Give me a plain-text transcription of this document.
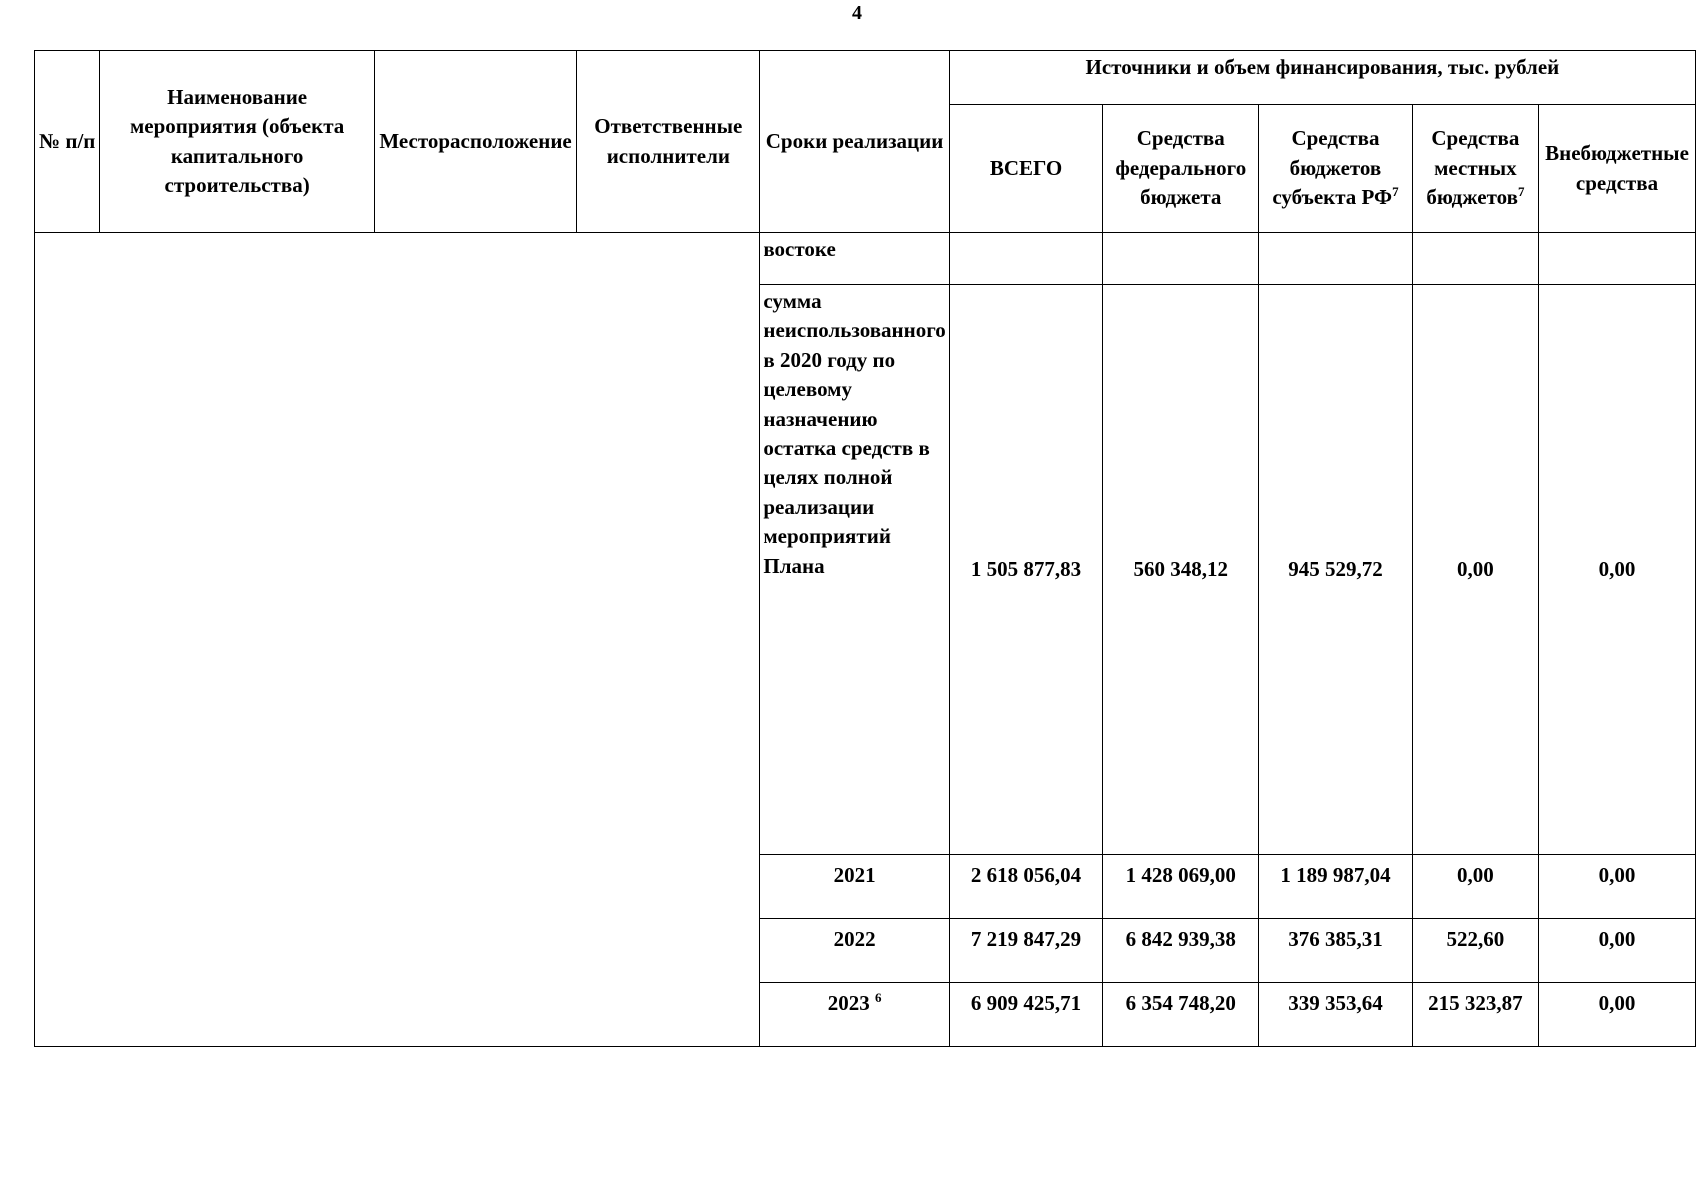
4
№ п/п	Наименование мероприятия (объекта капитального строительства)	Месторасположение	Ответственные исполнители	Сроки реализации	Источники и объем финансирования, тыс. рублей				
					ВСЕГО	Средства федерального бюджета	Средства бюджетов субъекта $РФ^7$	Средства местных бюджетов$^7$	Внебюджетные средства
				востоке					
				сумма неиспользованного в 2020 году по целевому назначению остатка средств в целях полной реализации мероприятий Плана	1 505 877,83	560 348,12	945 529,72	0,00	0,00
				2021	2 618 056,04	1 428 069,00	1 189 987,04	0,00	0,00
				2022	7 219 847,29	6 842 939,38	376 385,31	522,60	0,00
				2023 $^6$	6 909 425,71	6 354 748,20	339 353,64	215 323,87	0,00
